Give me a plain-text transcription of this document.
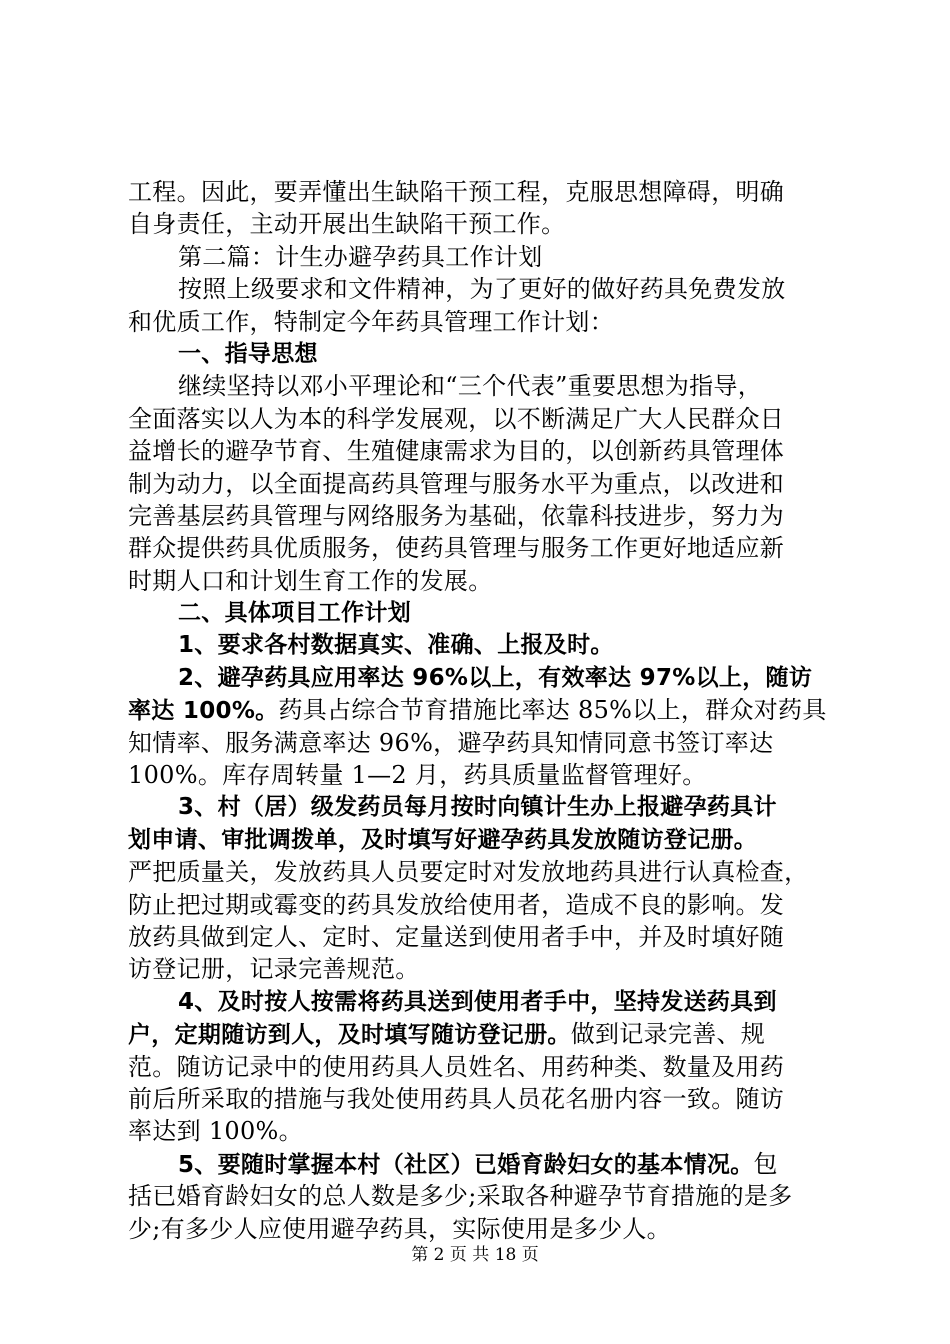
工程。因此，要弄懂出生缺陷干预工程，克服思想障碍，明确
自身责任，主动开展出生缺陷干预工作。
第二篇：计生办避孕药具工作计划
按照上级要求和文件精神，为了更好的做好药具免费发放
和优质工作，特制定今年药具管理工作计划：
一、指导思想
继续坚持以邓小平理论和“三个代表”重要思想为指导，
全面落实以人为本的科学发展观，以不断满足广大人民群众日
益增长的避孕节育、生殖健康需求为目的，以创新药具管理体
制为动力，以全面提高药具管理与服务水平为重点，以改进和
完善基层药具管理与网络服务为基础，依靠科技进步，努力为
群众提供药具优质服务，使药具管理与服务工作更好地适应新
时期人口和计划生育工作的发展。
二、具体项目工作计划
1、要求各村数据真实、准确、上报及时。
2、避孕药具应用率达 96%以上，有效率达 97%以上，随访
率达 100%。药具占综合节育措施比率达 85%以上，群众对药具
知情率、服务满意率达 96%，避孕药具知情同意书签订率达
100%。库存周转量 1—2 月，药具质量监督管理好。
3、村（居）级发药员每月按时向镇计生办上报避孕药具计
划申请、审批调拨单，及时填写好避孕药具发放随访登记册。
严把质量关，发放药具人员要定时对发放地药具进行认真检查，
防止把过期或霉变的药具发放给使用者，造成不良的影响。发
放药具做到定人、定时、定量送到使用者手中，并及时填好随
访登记册，记录完善规范。
4、及时按人按需将药具送到使用者手中，坚持发送药具到
户，定期随访到人，及时填写随访登记册。做到记录完善、规
范。随访记录中的使用药具人员姓名、用药种类、数量及用药
前后所采取的措施与我处使用药具人员花名册内容一致。随访
率达到 100%。
5、要随时掌握本村（社区）已婚育龄妇女的基本情况。包
括已婚育龄妇女的总人数是多少;采取各种避孕节育措施的是多
少;有多少人应使用避孕药具，实际使用是多少人。
第 2 页 共 18 页
